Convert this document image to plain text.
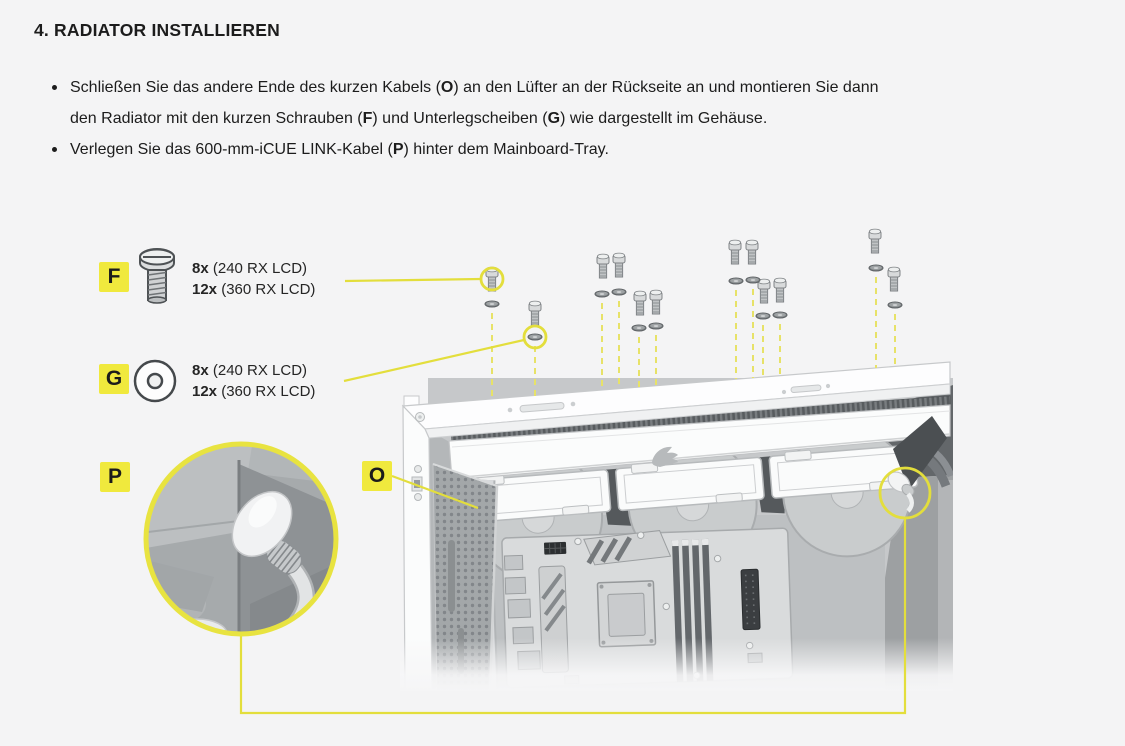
4. RADIATOR INSTALLIEREN
Schließen Sie das andere Ende des kurzen Kabels (O) an den Lüfter an der Rückseite an und montieren Sie dann
den Radiator mit den kurzen Schrauben (F) und Unterlegscheiben (G) wie dargestellt im Gehäuse.
Verlegen Sie das 600-mm-iCUE LINK-Kabel (P) hinter dem Mainboard-Tray.
F
G
P	O
8x (240 RX LCD)
12x (360 RX LCD)
8x (240 RX LCD)
12x (360 RX LCD)
